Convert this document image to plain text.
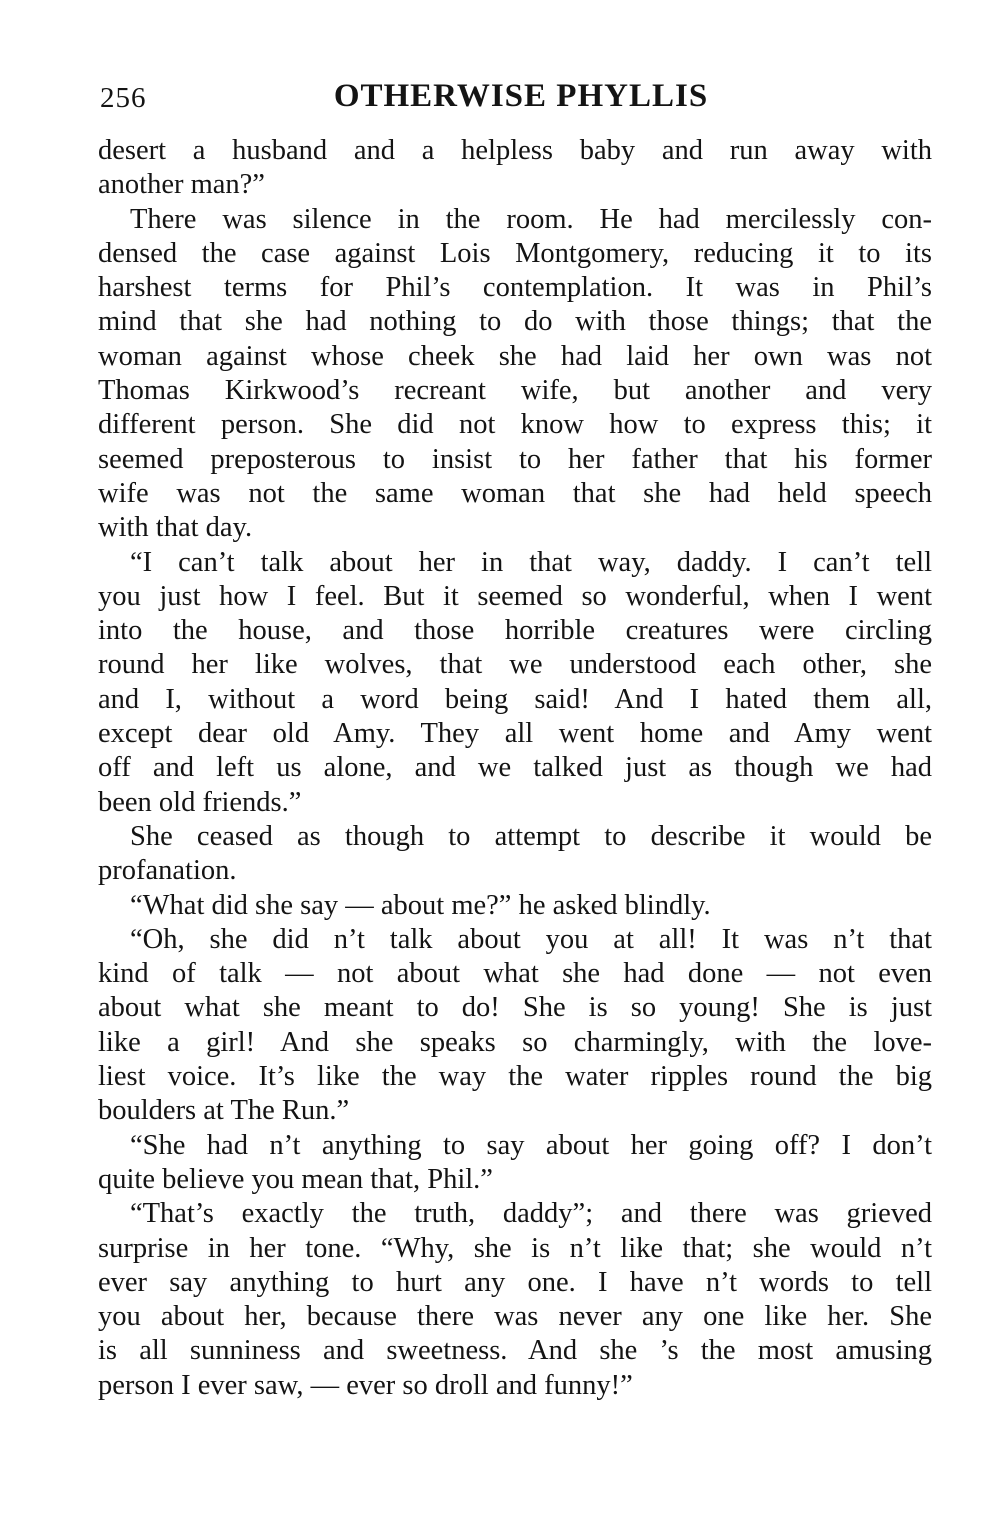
256	OTHERWISE PHYLLIS

desert a husband and a helpless baby and run away with
another man?”

There was silence in the room. He had mercilessly con-
densed the case against Lois Montgomery, reducing it to its
harshest terms for Phil’s contemplation. It was in Phil’s
mind that she had nothing to do with those things; that the
woman against whose cheek she had laid her own was not
Thomas Kirkwood’s recreant wife, but another and very
different person. She did not know how to express this; it
seemed preposterous to insist to her father that his former
wife was not the same woman that she had held speech
with that day.

“I can’t talk about her in that way, daddy. I can’t tell
you just how I feel. But it seemed so wonderful, when I went
into the house, and those horrible creatures were circling
round her like wolves, that we understood each other, she
and I, without a word being said! And I hated them all,
except dear old Amy. They all went home and Amy went
off and left us alone, and we talked just as though we had
been old friends.”

She ceased as though to attempt to describe it would be
profanation.

“What did she say — about me?” he asked blindly.

“Oh, she did n’t talk about you at all! It was n’t that
kind of talk — not about what she had done — not even
about what she meant to do! She is so young! She is just
like a girl! And she speaks so charmingly, with the love-
liest voice. It’s like the way the water ripples round the big
boulders at The Run.”

“She had n’t anything to say about her going off? I don’t
quite believe you mean that, Phil.”

“That’s exactly the truth, daddy”; and there was grieved
surprise in her tone. “Why, she is n’t like that; she would n’t
ever say anything to hurt any one. I have n’t words to tell
you about her, because there was never any one like her. She
is all sunniness and sweetness. And she ’s the most amusing
person I ever saw, — ever so droll and funny!”
